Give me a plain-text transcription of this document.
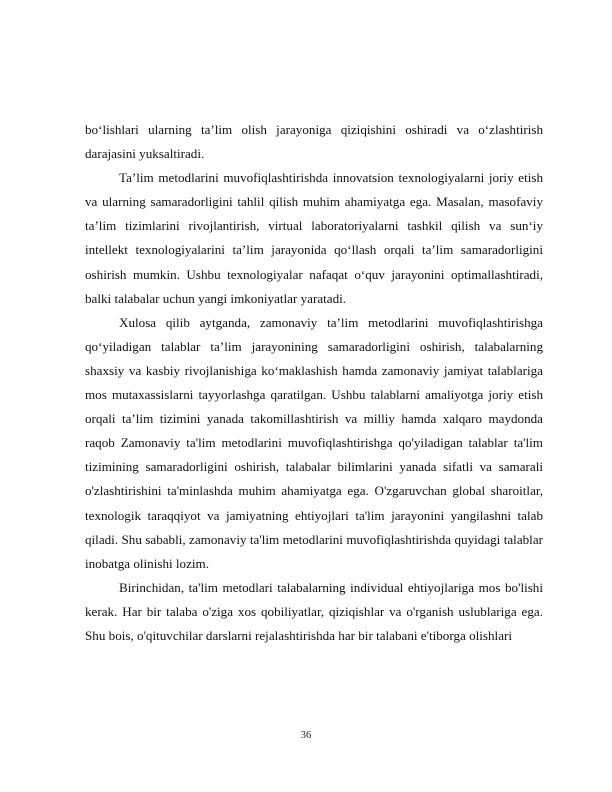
bo‘lishlari ularning ta’lim olish jarayoniga qiziqishini oshiradi va o‘zlashtirish darajasini yuksaltiradi.

Ta’lim metodlarini muvofiqlashtirishda innovatsion texnologiyalarni joriy etish va ularning samaradorligini tahlil qilish muhim ahamiyatga ega. Masalan, masofaviy ta’lim tizimlarini rivojlantirish, virtual laboratoriyalarni tashkil qilish va sun‘iy intellekt texnologiyalarini ta’lim jarayonida qo‘llash orqali ta’lim samaradorligini oshirish mumkin. Ushbu texnologiyalar nafaqat o‘quv jarayonini optimallashtiradi, balki talabalar uchun yangi imkoniyatlar yaratadi.

Xulosa qilib aytganda, zamonaviy ta’lim metodlarini muvofiqlashtirishga qo‘yiladigan talablar ta’lim jarayonining samaradorligini oshirish, talabalarning shaxsiy va kasbiy rivojlanishiga ko‘maklashish hamda zamonaviy jamiyat talablariga mos mutaxassislarni tayyorlashga qaratilgan. Ushbu talablarni amaliyotga joriy etish orqali ta’lim tizimini yanada takomillashtirish va milliy hamda xalqaro maydonda raqob Zamonaviy ta'lim metodlarini muvofiqlashtirishga qo'yiladigan talablar ta'lim tizimining samaradorligini oshirish, talabalar bilimlarini yanada sifatli va samarali o'zlashtirishini ta'minlashda muhim ahamiyatga ega. O'zgaruvchan global sharoitlar, texnologik taraqqiyot va jamiyatning ehtiyojlari ta'lim jarayonini yangilashni talab qiladi. Shu sababli, zamonaviy ta'lim metodlarini muvofiqlashtirishda quyidagi talablar inobatga olinishi lozim.

Birinchidan, ta'lim metodlari talabalarning individual ehtiyojlariga mos bo'lishi kerak. Har bir talaba o'ziga xos qobiliyatlar, qiziqishlar va o'rganish uslublariga ega. Shu bois, o'qituvchilar darslarni rejalashtirishda har bir talabani e'tiborga olishlari

36
